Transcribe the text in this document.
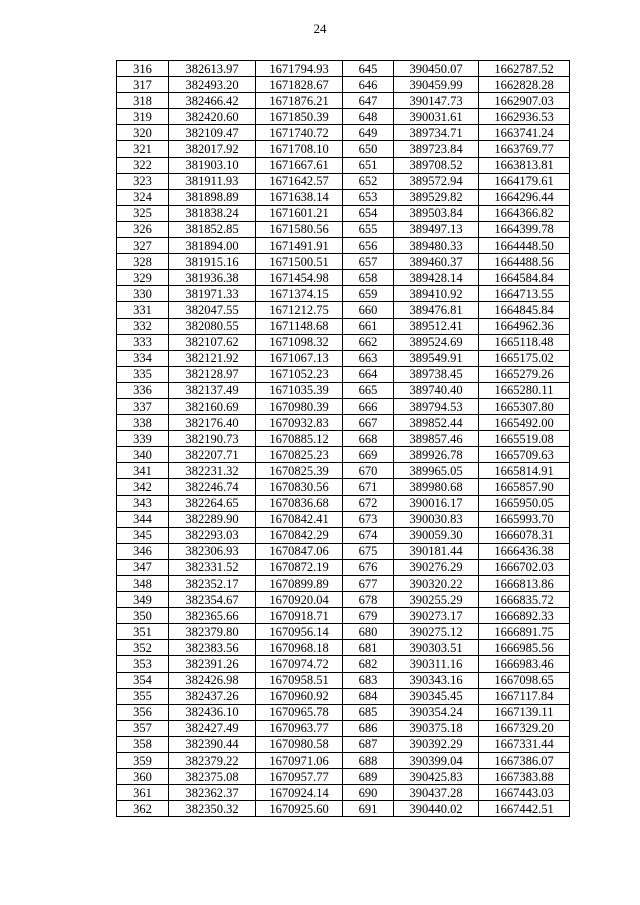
24
316	382613.97	1671794.93	645	390450.07	1662787.52
317	382493.20	1671828.67	646	390459.99	1662828.28
318	382466.42	1671876.21	647	390147.73	1662907.03
319	382420.60	1671850.39	648	390031.61	1662936.53
320	382109.47	1671740.72	649	389734.71	1663741.24
321	382017.92	1671708.10	650	389723.84	1663769.77
322	381903.10	1671667.61	651	389708.52	1663813.81
323	381911.93	1671642.57	652	389572.94	1664179.61
324	381898.89	1671638.14	653	389529.82	1664296.44
325	381838.24	1671601.21	654	389503.84	1664366.82
326	381852.85	1671580.56	655	389497.13	1664399.78
327	381894.00	1671491.91	656	389480.33	1664448.50
328	381915.16	1671500.51	657	389460.37	1664488.56
329	381936.38	1671454.98	658	389428.14	1664584.84
330	381971.33	1671374.15	659	389410.92	1664713.55
331	382047.55	1671212.75	660	389476.81	1664845.84
332	382080.55	1671148.68	661	389512.41	1664962.36
333	382107.62	1671098.32	662	389524.69	1665118.48
334	382121.92	1671067.13	663	389549.91	1665175.02
335	382128.97	1671052.23	664	389738.45	1665279.26
336	382137.49	1671035.39	665	389740.40	1665280.11
337	382160.69	1670980.39	666	389794.53	1665307.80
338	382176.40	1670932.83	667	389852.44	1665492.00
339	382190.73	1670885.12	668	389857.46	1665519.08
340	382207.71	1670825.23	669	389926.78	1665709.63
341	382231.32	1670825.39	670	389965.05	1665814.91
342	382246.74	1670830.56	671	389980.68	1665857.90
343	382264.65	1670836.68	672	390016.17	1665950.05
344	382289.90	1670842.41	673	390030.83	1665993.70
345	382293.03	1670842.29	674	390059.30	1666078.31
346	382306.93	1670847.06	675	390181.44	1666436.38
347	382331.52	1670872.19	676	390276.29	1666702.03
348	382352.17	1670899.89	677	390320.22	1666813.86
349	382354.67	1670920.04	678	390255.29	1666835.72
350	382365.66	1670918.71	679	390273.17	1666892.33
351	382379.80	1670956.14	680	390275.12	1666891.75
352	382383.56	1670968.18	681	390303.51	1666985.56
353	382391.26	1670974.72	682	390311.16	1666983.46
354	382426.98	1670958.51	683	390343.16	1667098.65
355	382437.26	1670960.92	684	390345.45	1667117.84
356	382436.10	1670965.78	685	390354.24	1667139.11
357	382427.49	1670963.77	686	390375.18	1667329.20
358	382390.44	1670980.58	687	390392.29	1667331.44
359	382379.22	1670971.06	688	390399.04	1667386.07
360	382375.08	1670957.77	689	390425.83	1667383.88
361	382362.37	1670924.14	690	390437.28	1667443.03
362	382350.32	1670925.60	691	390440.02	1667442.51
